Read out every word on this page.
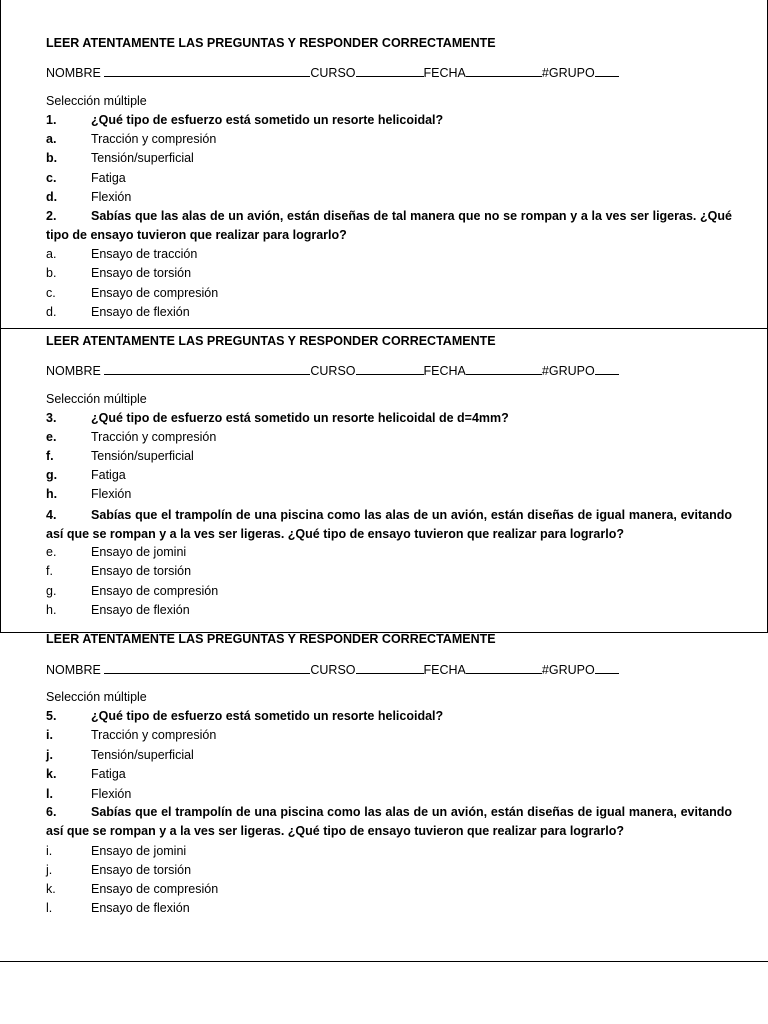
LEER ATENTAMENTE LAS PREGUNTAS Y RESPONDER CORRECTAMENTE
NOMBRE	CURSO	FECHA	#GRUPO
Selección múltiple
1.	¿Qué tipo de esfuerzo está sometido un resorte helicoidal?
a.	Tracción y compresión
b.	Tensión/superficial
c.	Fatiga
d.	Flexión
2.	Sabías que las alas de un avión, están diseñas de tal manera que no se rompan y a la ves ser ligeras. ¿Qué tipo de ensayo tuvieron que realizar para lograrlo?
a.	Ensayo de tracción
b.	Ensayo de torsión
c.	Ensayo de compresión
d.	Ensayo de flexión
LEER ATENTAMENTE LAS PREGUNTAS Y RESPONDER CORRECTAMENTE
NOMBRE	CURSO	FECHA	#GRUPO
Selección múltiple
3.	¿Qué tipo de esfuerzo está sometido un resorte helicoidal de d=4mm?
e.	Tracción y compresión
f.	Tensión/superficial
g.	Fatiga
h.	Flexión
4.	Sabías que el trampolín de una piscina como las alas de un avión, están diseñas de igual manera, evitando así que se rompan y a la ves ser ligeras. ¿Qué tipo de ensayo tuvieron que realizar para lograrlo?
e.	Ensayo de jomini
f.	Ensayo de torsión
g.	Ensayo de compresión
h.	Ensayo de flexión
LEER ATENTAMENTE LAS PREGUNTAS Y RESPONDER CORRECTAMENTE
NOMBRE	CURSO	FECHA	#GRUPO
Selección múltiple
5.	¿Qué tipo de esfuerzo está sometido un resorte helicoidal?
i.	Tracción y compresión
j.	Tensión/superficial
k.	Fatiga
l.	Flexión
6.	Sabías que el trampolín de una piscina como las alas de un avión, están diseñas de igual manera, evitando así que se rompan y a la ves ser ligeras. ¿Qué tipo de ensayo tuvieron que realizar para lograrlo?
i.	Ensayo de jomini
j.	Ensayo de torsión
k.	Ensayo de compresión
l.	Ensayo de flexión
